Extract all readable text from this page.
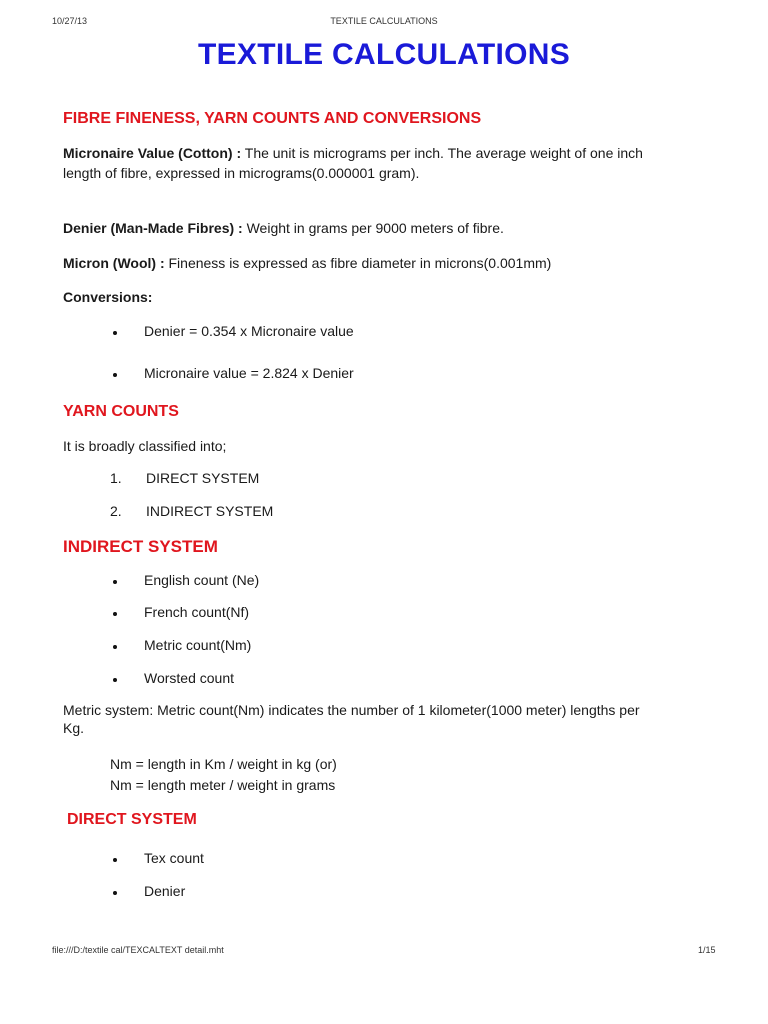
10/27/13	TEXTILE CALCULATIONS
TEXTILE CALCULATIONS
FIBRE FINENESS, YARN COUNTS AND CONVERSIONS
Micronaire Value (Cotton) : The unit is micrograms per inch. The average weight of one inch
length of fibre, expressed in micrograms(0.000001 gram).
Denier (Man-Made Fibres) : Weight in grams per 9000 meters of fibre.
Micron (Wool) : Fineness is expressed as fibre diameter in microns(0.001mm)
Conversions:
Denier = 0.354 x Micronaire value
Micronaire value = 2.824 x Denier
YARN COUNTS
It is broadly classified into;
1. DIRECT SYSTEM
2. INDIRECT SYSTEM
INDIRECT SYSTEM
English count (Ne)
French count(Nf)
Metric count(Nm)
Worsted count
Metric system: Metric count(Nm) indicates the number of 1 kilometer(1000 meter) lengths per
Kg.
Nm = length in Km / weight in kg (or)
Nm = length meter / weight in grams
DIRECT SYSTEM
Tex count
Denier
file:///D:/textile cal/TEXCALTEXT detail.mht	1/15
